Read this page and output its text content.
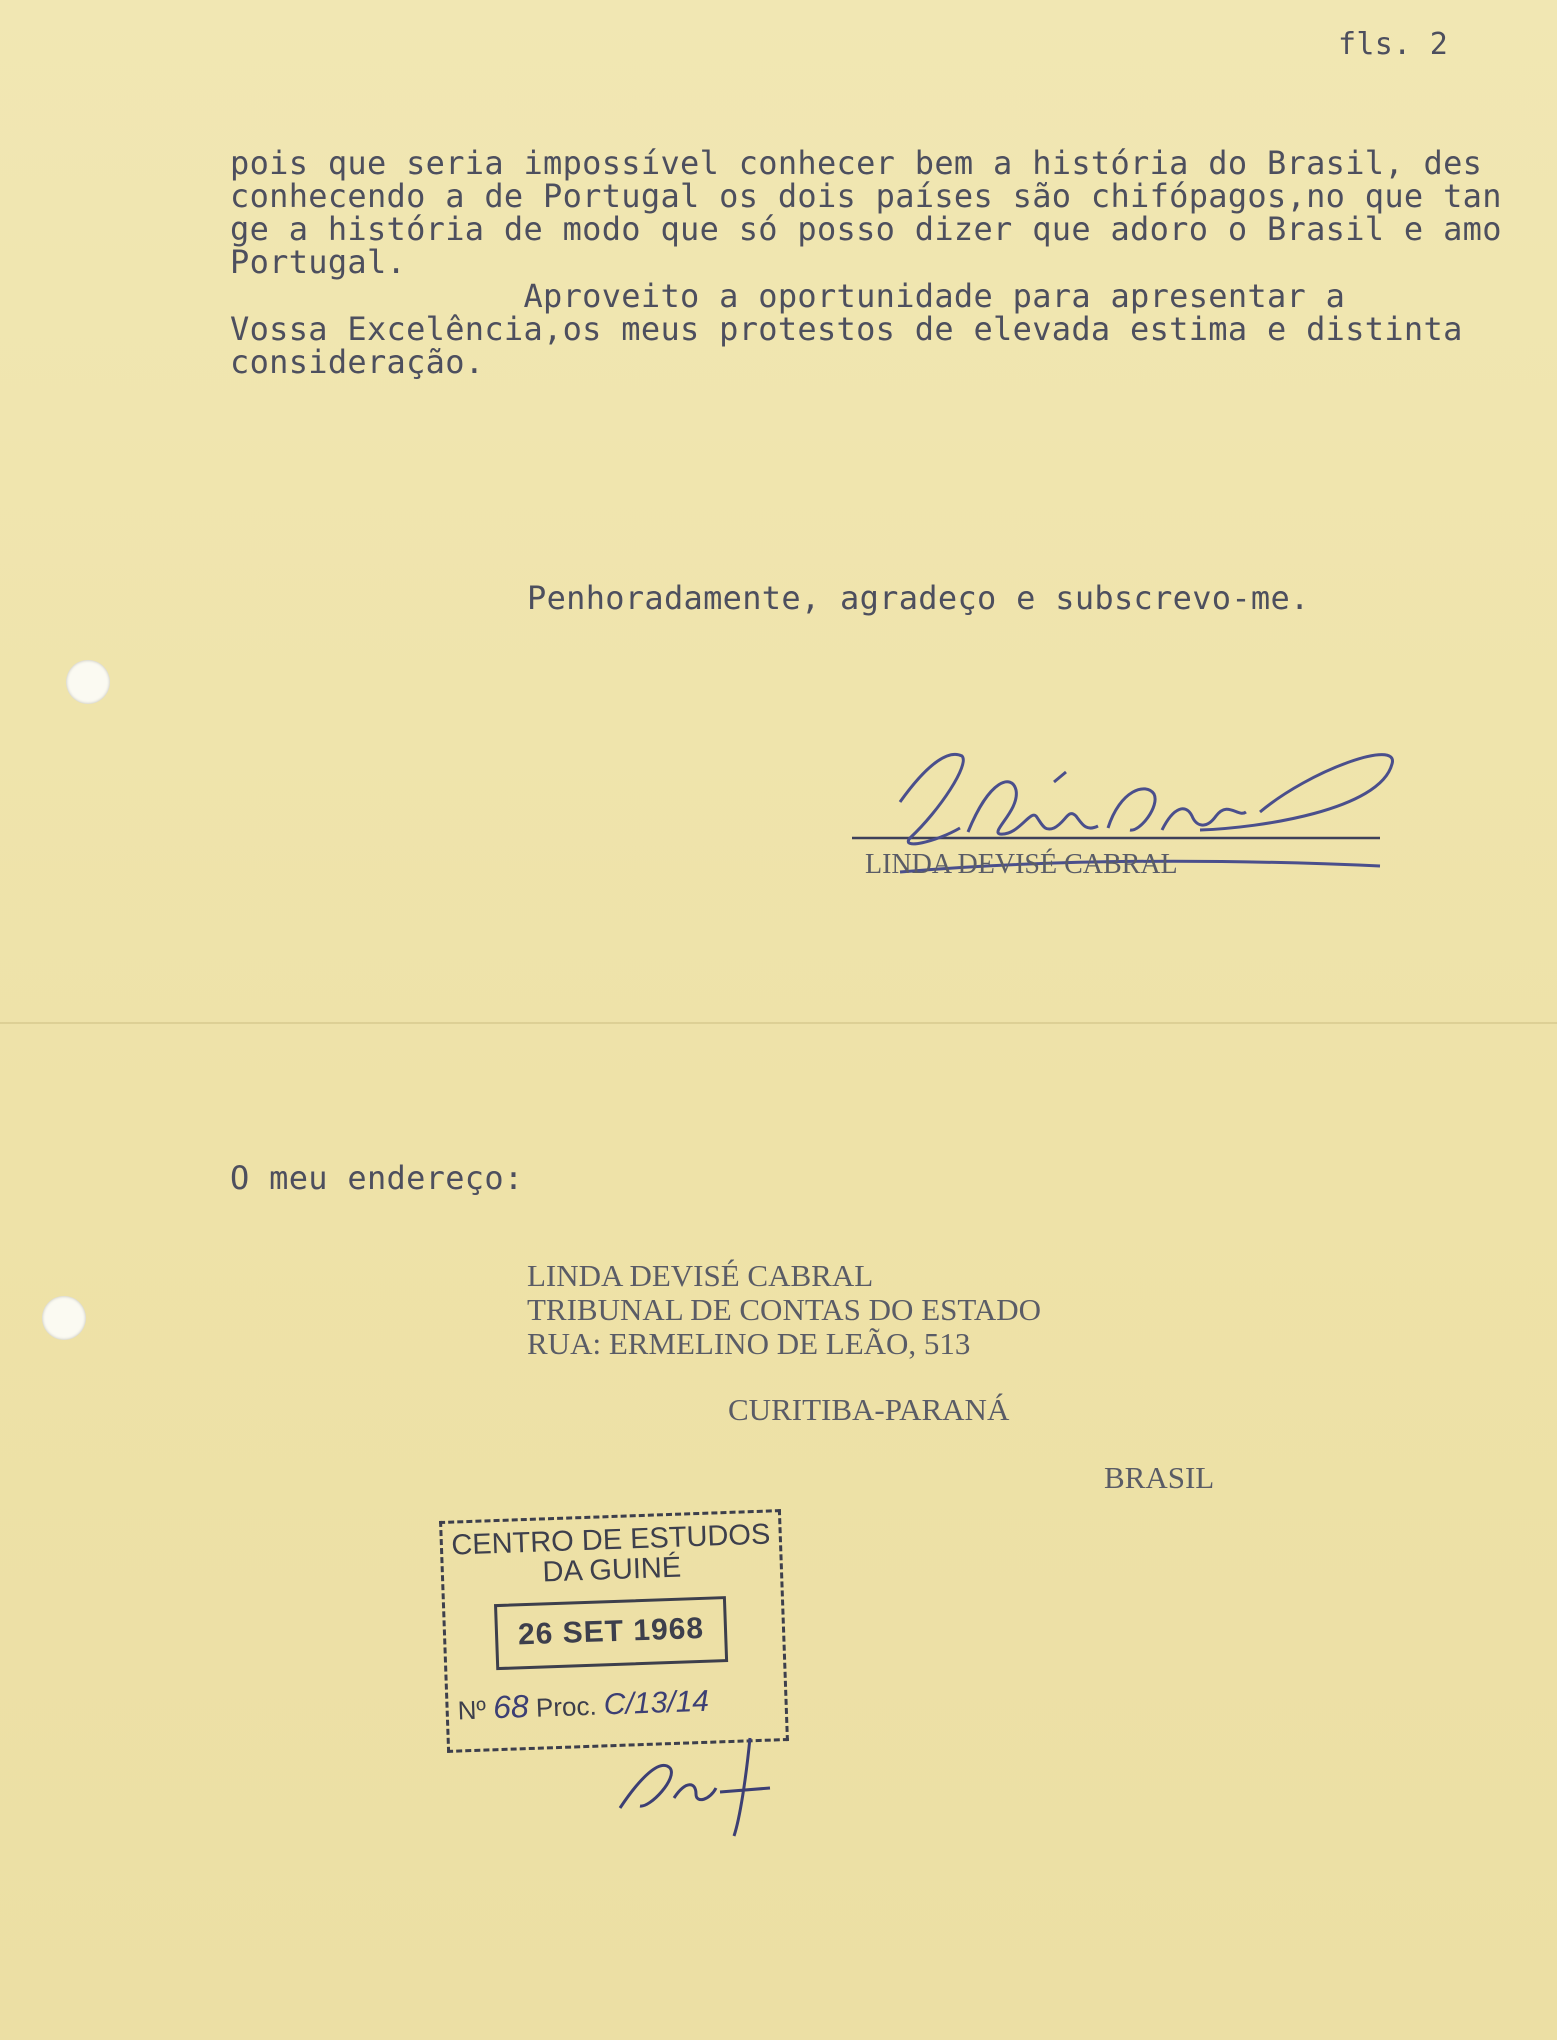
fls. 2
pois que seria impossível conhecer bem a história do Brasil, des
conhecendo a de Portugal os dois países são chifópagos,no que tan
ge a história de modo que só posso dizer que adoro o Brasil e amo
Portugal.
Aproveito a oportunidade para apresentar a
Vossa Excelência,os meus protestos de elevada estima e distinta
consideração.
Penhoradamente, agradeço e subscrevo-me.
LINDA DEVISÉ CABRAL
O meu endereço:
LINDA DEVISÉ CABRAL
TRIBUNAL DE CONTAS DO ESTADO
RUA: ERMELINO DE LEÃO, 513
CURITIBA-PARANÁ
BRASIL
CENTRO DE ESTUDOS DA GUINÉ
26 SET 1968
Nº 68 Proc. C/13/14
